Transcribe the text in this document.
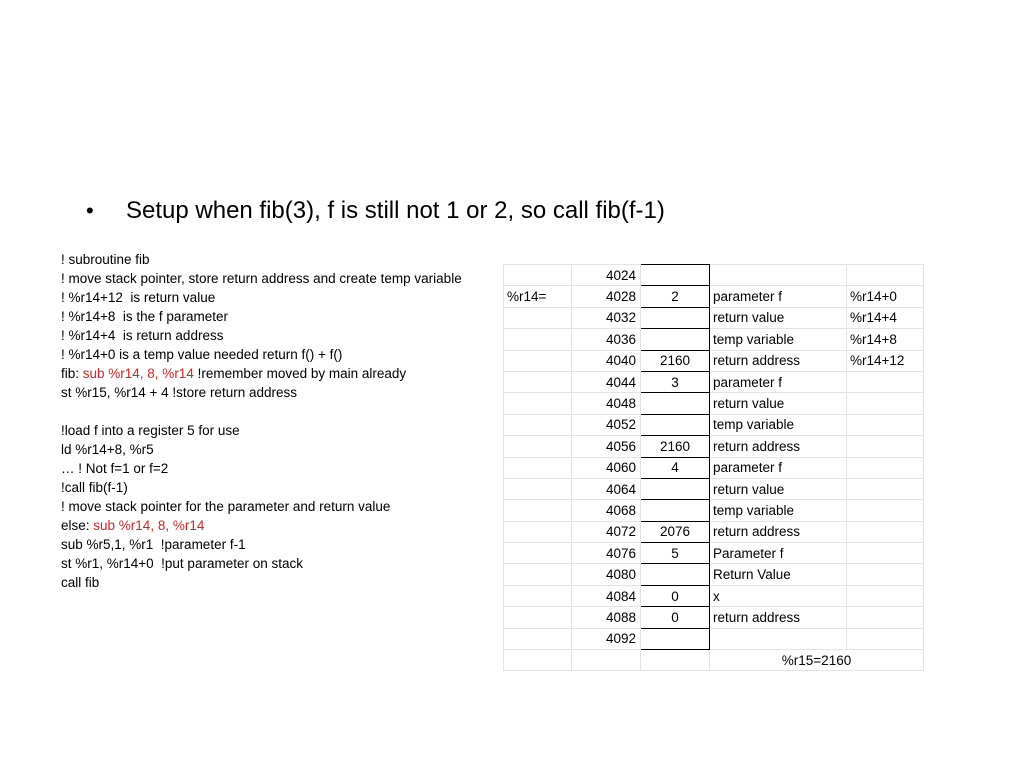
•	Setup when fib(3), f is still not 1 or 2, so call fib(f-1)
! subroutine fib
! move stack pointer, store return address and create temp variable
! %r14+12  is return value
! %r14+8  is the f parameter
! %r14+4  is return address
! %r14+0 is a temp value needed return f() + f()
fib: sub %r14, 8, %r14 !remember moved by main already
st %r15, %r14 + 4 !store return address
!load f into a register 5 for use
ld %r14+8, %r5
… ! Not f=1 or f=2
!call fib(f-1)
! move stack pointer for the parameter and return value
else: sub %r14, 8, %r14
sub %r5,1, %r1  !parameter f-1
st %r1, %r14+0  !put parameter on stack
call fib
	4024			
%r14=	4028	2	parameter f	%r14+0
	4032		return value	%r14+4
	4036		temp variable	%r14+8
	4040	2160	return address	%r14+12
	4044	3	parameter f	
	4048		return value	
	4052		temp variable	
	4056	2160	return address	
	4060	4	parameter f	
	4064		return value	
	4068		temp variable	
	4072	2076	return address	
	4076	5	Parameter f	
	4080		Return Value	
	4084	0	x	
	4088	0	return address	
	4092			
			%r15=2160	
